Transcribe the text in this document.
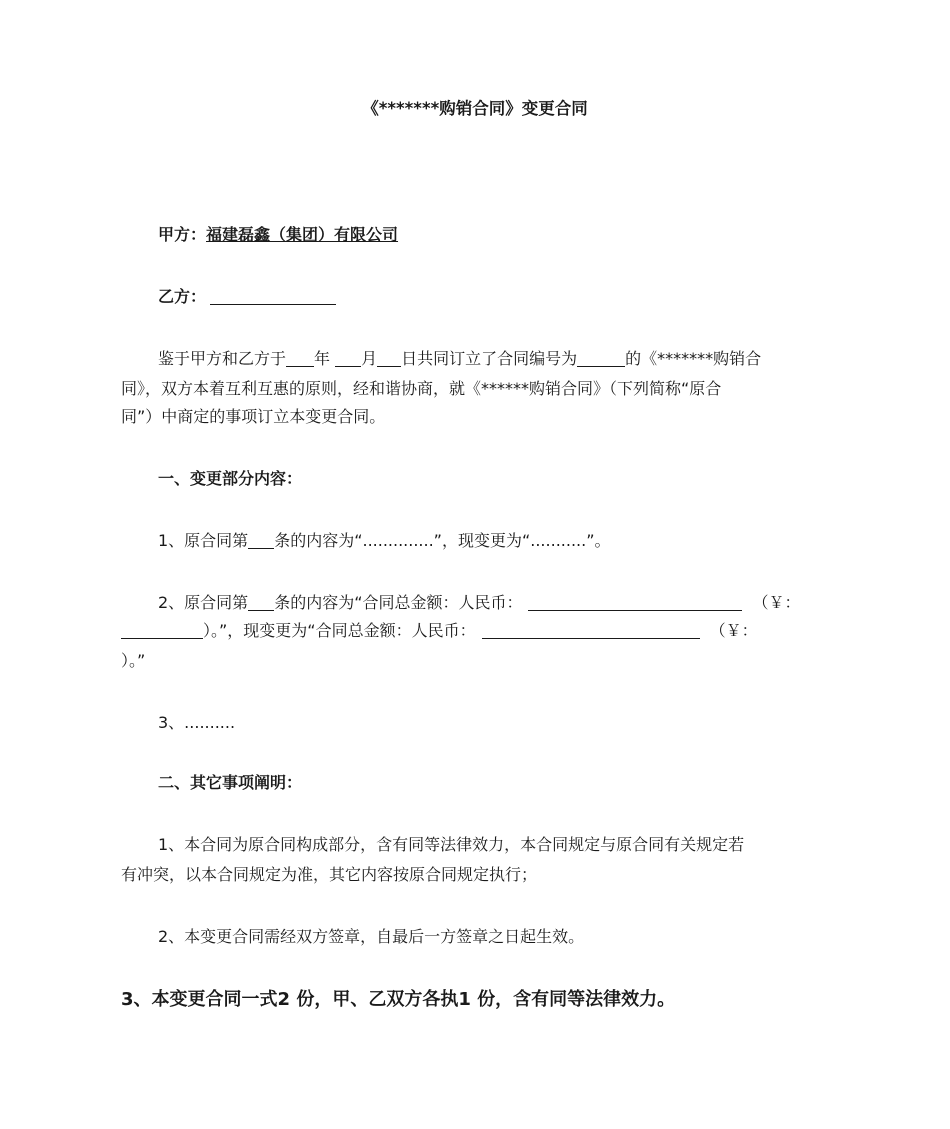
《*******购销合同》变更合同

甲方：福建磊鑫（集团）有限公司

乙方：

鉴于甲方和乙方于 年 月 日共同订立了合同编号为	的《*******购销合

同》，双方本着互利互惠的原则，经和谐协商，就《******购销合同》（下列简称“原合

同”）中商定的事项订立本变更合同。

一、变更部分内容：

1、原合同第 条的内容为“..............”，现变更为“...........”。

2、原合同第 条的内容为“合同总金额：人民币：	（￥：

）。”，现变更为“合同总金额：人民币：	（￥：

）。”

3、..........

二、其它事项阐明：

1、本合同为原合同构成部分，含有同等法律效力，本合同规定与原合同有关规定若

有冲突，以本合同规定为准，其它内容按原合同规定执行；

2、本变更合同需经双方签章，自最后一方签章之日起生效。

3、本变更合同一式2 份，甲、乙双方各执1 份，含有同等法律效力。
